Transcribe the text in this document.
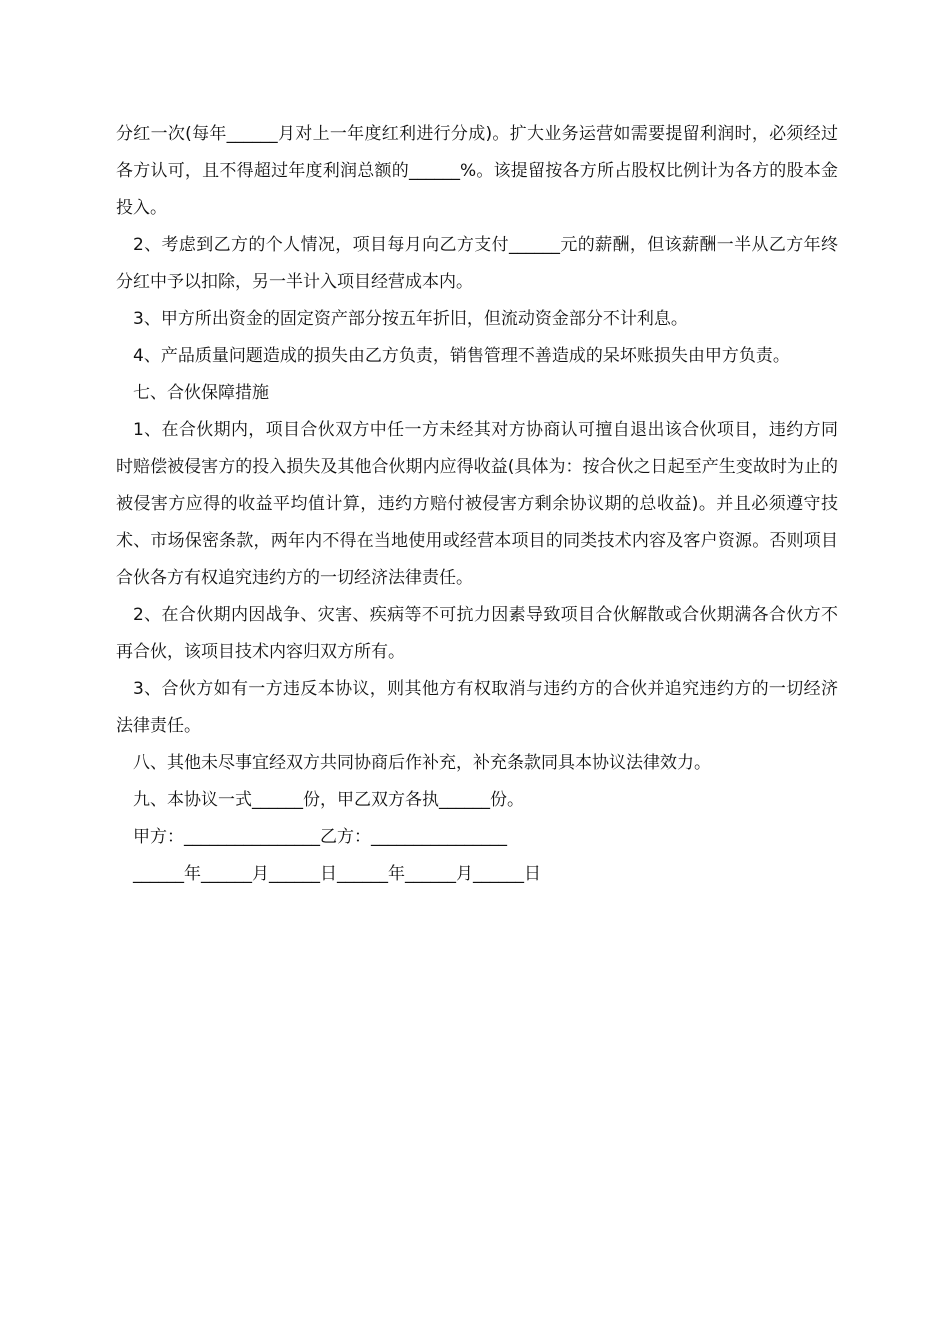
分红一次(每年______月对上一年度红利进行分成)。扩大业务运营如需要提留利润时，必须经过各方认可，且不得超过年度利润总额的______%。该提留按各方所占股权比例计为各方的股本金投入。

2、考虑到乙方的个人情况，项目每月向乙方支付______元的薪酬，但该薪酬一半从乙方年终分红中予以扣除，另一半计入项目经营成本内。

3、甲方所出资金的固定资产部分按五年折旧，但流动资金部分不计利息。

4、产品质量问题造成的损失由乙方负责，销售管理不善造成的呆坏账损失由甲方负责。

七、合伙保障措施

1、在合伙期内，项目合伙双方中任一方未经其对方协商认可擅自退出该合伙项目，违约方同时赔偿被侵害方的投入损失及其他合伙期内应得收益(具体为：按合伙之日起至产生变故时为止的被侵害方应得的收益平均值计算，违约方赔付被侵害方剩余协议期的总收益)。并且必须遵守技术、市场保密条款，两年内不得在当地使用或经营本项目的同类技术内容及客户资源。否则项目合伙各方有权追究违约方的一切经济法律责任。

2、在合伙期内因战争、灾害、疾病等不可抗力因素导致项目合伙解散或合伙期满各合伙方不再合伙，该项目技术内容归双方所有。

3、合伙方如有一方违反本协议，则其他方有权取消与违约方的合伙并追究违约方的一切经济法律责任。

八、其他未尽事宜经双方共同协商后作补充，补充条款同具本协议法律效力。

九、本协议一式______份，甲乙双方各执______份。

甲方：________________乙方：________________

______年______月______日______年______月______日
